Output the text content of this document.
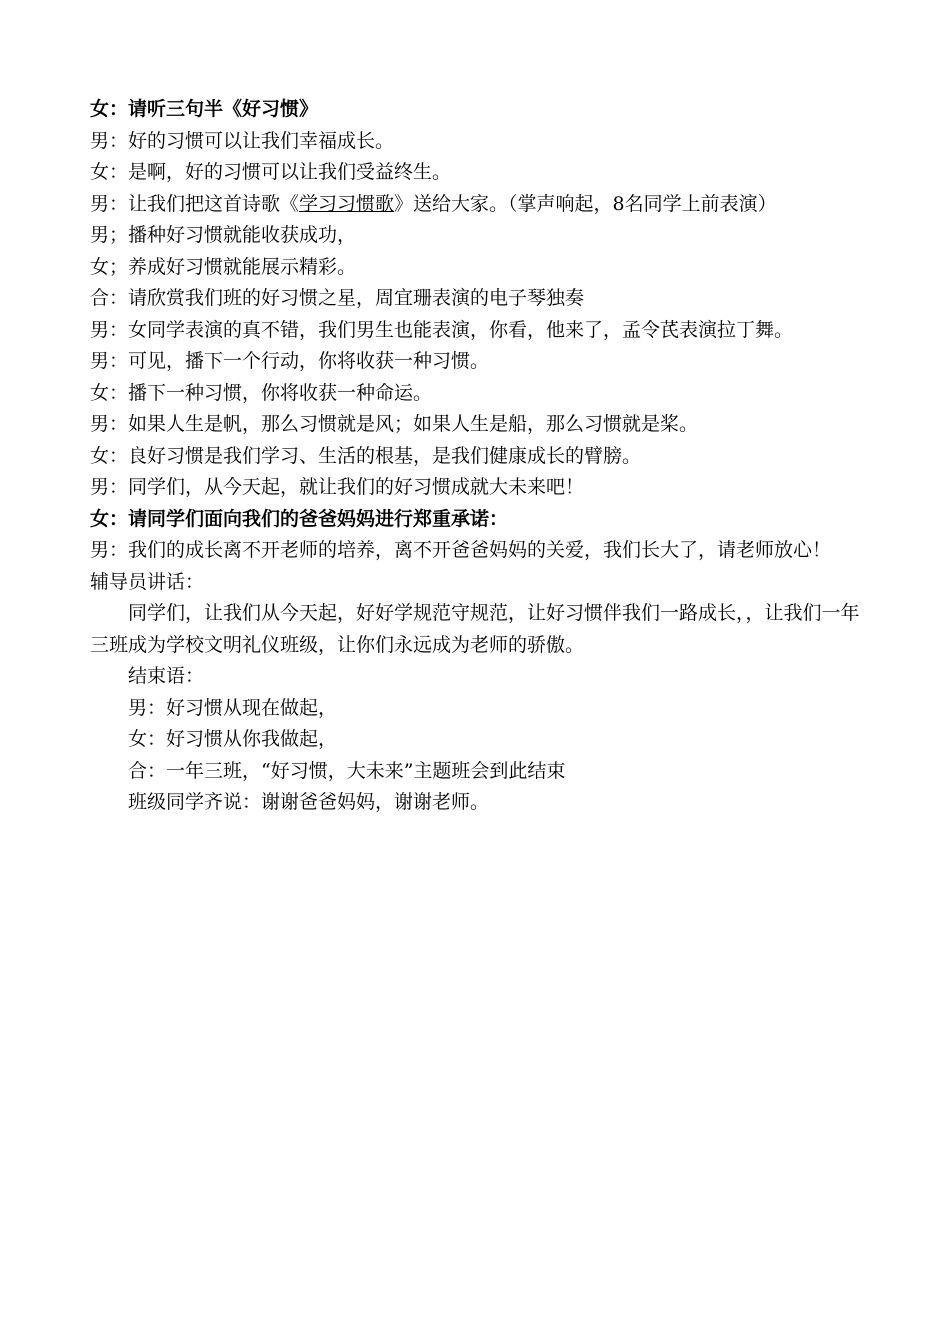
女：请听三句半《好习惯》
男：好的习惯可以让我们幸福成长。
女：是啊，好的习惯可以让我们受益终生。
男：让我们把这首诗歌《学习习惯歌》送给大家。（掌声响起，8名同学上前表演）
男；播种好习惯就能收获成功，
女；养成好习惯就能展示精彩。
合：请欣赏我们班的好习惯之星，周宜珊表演的电子琴独奏
男：女同学表演的真不错，我们男生也能表演，你看，他来了，孟令芪表演拉丁舞。
男：可见，播下一个行动，你将收获一种习惯。
女：播下一种习惯，你将收获一种命运。
男：如果人生是帆，那么习惯就是风；如果人生是船，那么习惯就是桨。
女：良好习惯是我们学习、生活的根基，是我们健康成长的臂膀。
男：同学们，从今天起，就让我们的好习惯成就大未来吧！
女：请同学们面向我们的爸爸妈妈进行郑重承诺：
男：我们的成长离不开老师的培养，离不开爸爸妈妈的关爱，我们长大了，请老师放心！
辅导员讲话：
同学们，让我们从今天起，好好学规范守规范，让好习惯伴我们一路成长，，让我们一年三班成为学校文明礼仪班级，让你们永远成为老师的骄傲。
结束语：
男：好习惯从现在做起，
女：好习惯从你我做起，
合：一年三班，“好习惯，大未来”主题班会到此结束
班级同学齐说：谢谢爸爸妈妈，谢谢老师。
